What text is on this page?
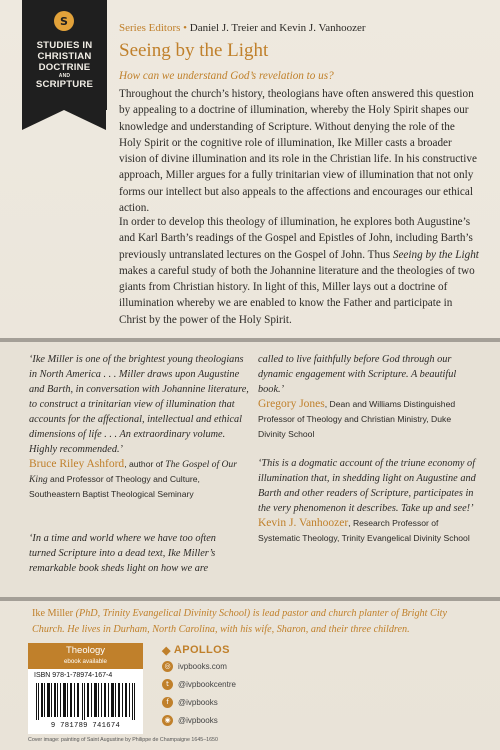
S
STUDIES IN
CHRISTIAN
DOCTRINE
AND
SCRIPTURE
Series Editors • Daniel J. Treier and Kevin J. Vanhoozer
Seeing by the Light
How can we understand God’s revelation to us?

Throughout the church’s history, theologians have often answered this question by appealing to a doctrine of illumination, whereby the Holy Spirit shapes our knowledge and understanding of Scripture. Without denying the role of the Holy Spirit or the cognitive role of illumination, Ike Miller casts a broader vision of divine illumination and its role in the Christian life. In his constructive approach, Miller argues for a fully trinitarian view of illumination that not only forms our intellect but also appeals to the affections and encourages our ethical action.

In order to develop this theology of illumination, he explores both Augustine’s and Karl Barth’s readings of the Gospel and Epistles of John, including Barth’s previously untranslated lectures on the Gospel of John. Thus Seeing by the Light makes a careful study of both the Johannine literature and the theologies of two giants from Christian history. In light of this, Miller lays out a doctrine of illumination whereby we are enabled to know the Father and participate in Christ by the power of the Holy Spirit.

‘Ike Miller is one of the brightest young theologians in North America . . . Miller draws upon Augustine and Barth, in conversation with Johannine literature, to construct a trinitarian view of illumination that accounts for the affectional, intellectual and ethical dimensions of life . . . An extraordinary volume. Highly recommended.’
Bruce Riley Ashford, author of The Gospel of Our King and Professor of Theology and Culture, Southeastern Baptist Theological Seminary
‘In a time and world where we have too often turned Scripture into a dead text, Ike Miller’s remarkable book sheds light on how we are
called to live faithfully before God through our dynamic engagement with Scripture. A beautiful book.’
Gregory Jones, Dean and Williams Distinguished Professor of Theology and Christian Ministry, Duke Divinity School
‘This is a dogmatic account of the triune economy of illumination that, in shedding light on Augustine and Barth and other readers of Scripture, participates in the very phenomenon it describes. Take up and see!’
Kevin J. Vanhoozer, Research Professor of Systematic Theology, Trinity Evangelical Divinity School
Ike Miller (PhD, Trinity Evangelical Divinity School) is lead pastor and church planter of Bright City Church. He lives in Durham, North Carolina, with his wife, Sharon, and their three children.
Theology
ebook available
ISBN 978-1-78974-167-4
9 781789 741674
Cover image: painting of Saint Augustine by Philippe de Champaigne 1645–1650
◆ APOLLOS
◎ ivpbooks.com
t	@ivpbookcentre
f	@ivpbooks
◉ @ivpbooks
